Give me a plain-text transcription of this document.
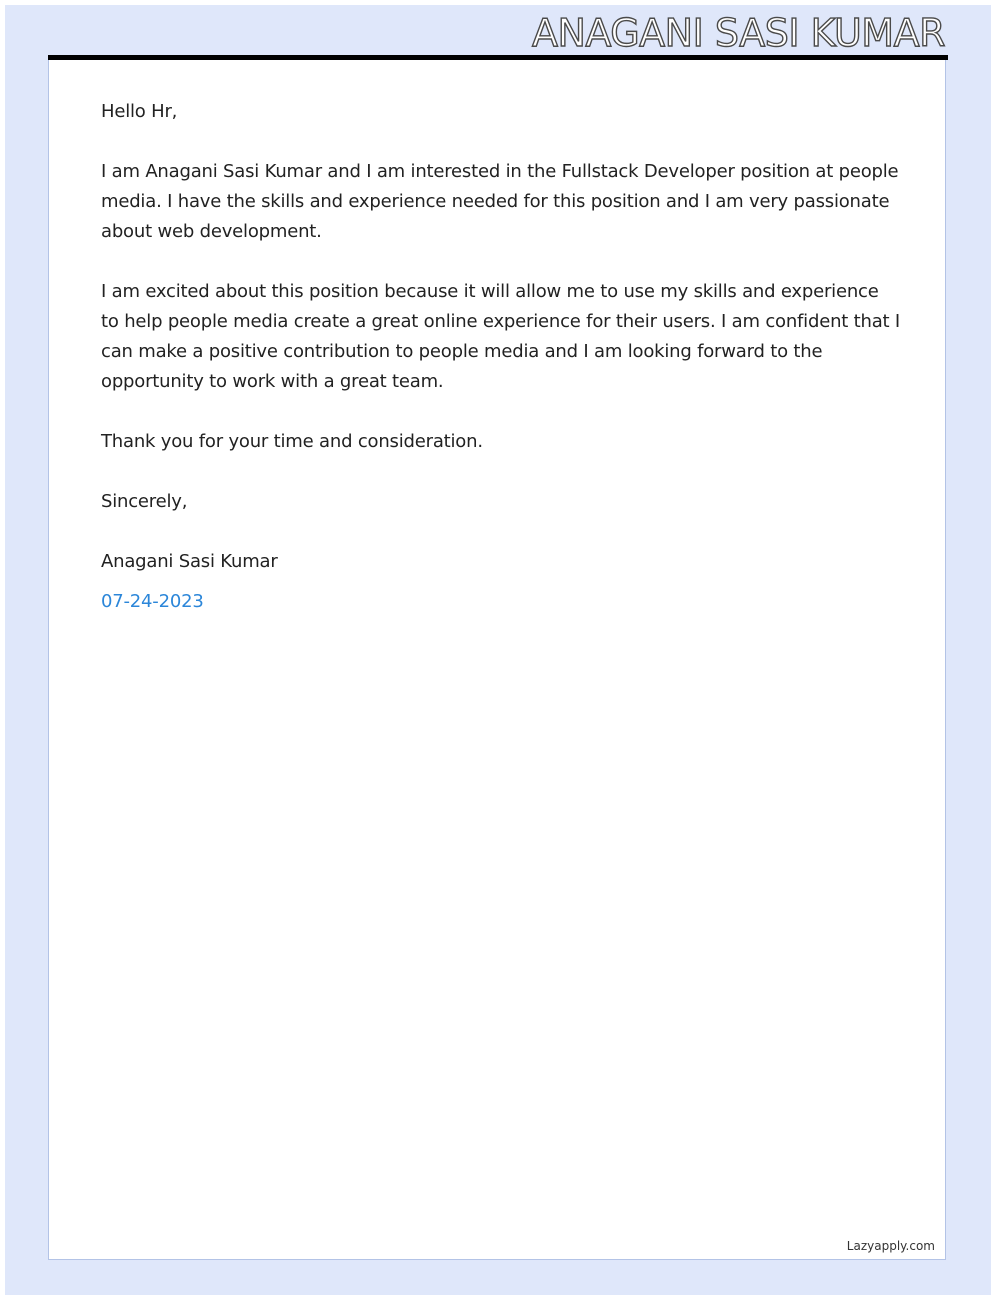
ANAGANI SASI KUMAR

Hello Hr,

I am Anagani Sasi Kumar and I am interested in the Fullstack Developer position at people media. I have the skills and experience needed for this position and I am very passionate about web development.

I am excited about this position because it will allow me to use my skills and experience to help people media create a great online experience for their users. I am confident that I can make a positive contribution to people media and I am looking forward to the opportunity to work with a great team.

Thank you for your time and consideration.

Sincerely,

Anagani Sasi Kumar

07-24-2023

Lazyapply.com
